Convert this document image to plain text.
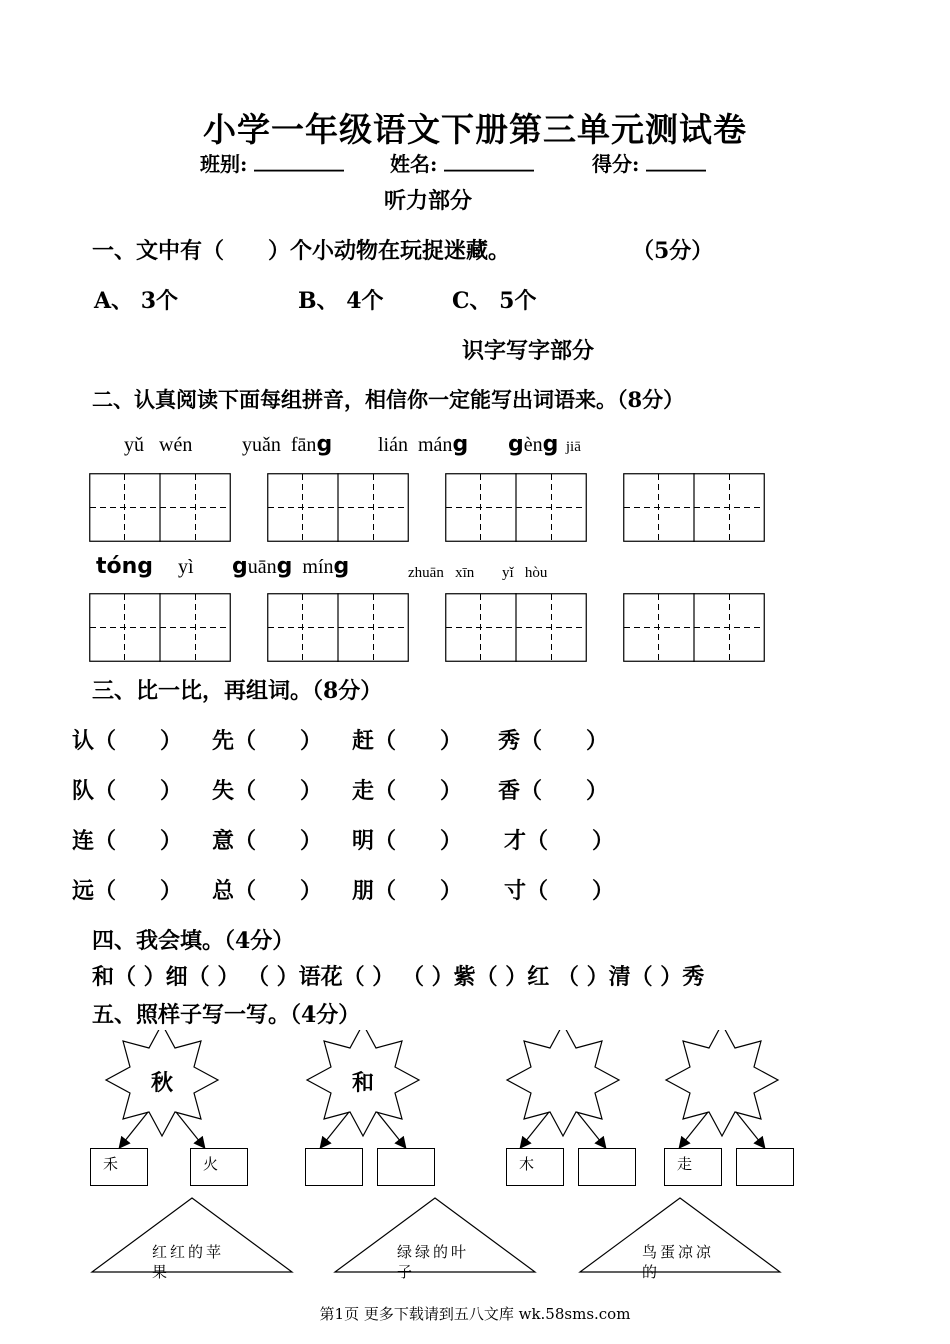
小学一年级语文下册第三单元测试卷
班别: _________ 姓名: _________	得分: ______
听力部分
一、文中有（　　）个小动物在玩捉迷藏。	（5分）
A、 3个	B、 4个	C、 5个
识字写字部分
二、认真阅读下面每组拼音，相信你一定能写出词语来。（8分）
yǔ wén yuǎn fāng lián máng gèng jiā
tóng yì guāng míng	zhuān xīn yǐ hòu
三、比一比，再组词。（8分）
认（　　） 先（　　） 赶（　　） 秀（　　）
队（　　） 失（　　） 走（　　） 香（　　）
连（　　） 意（　　） 明（　　） 才（　　）
远（　　） 总（　　） 朋（　　） 寸（　　）
四、我会填。（4分）
和（ ）细（ ） （ ）语花（ ） （ ）紫（ ）红 （ ）清（ ）秀
五、照样子写一写。（4分）
秋	和
禾	火	木	走
红红的苹
果
绿绿的叶
子
鸟蛋凉凉
的
第1页 更多下载请到五八文库 wk.58sms.com
